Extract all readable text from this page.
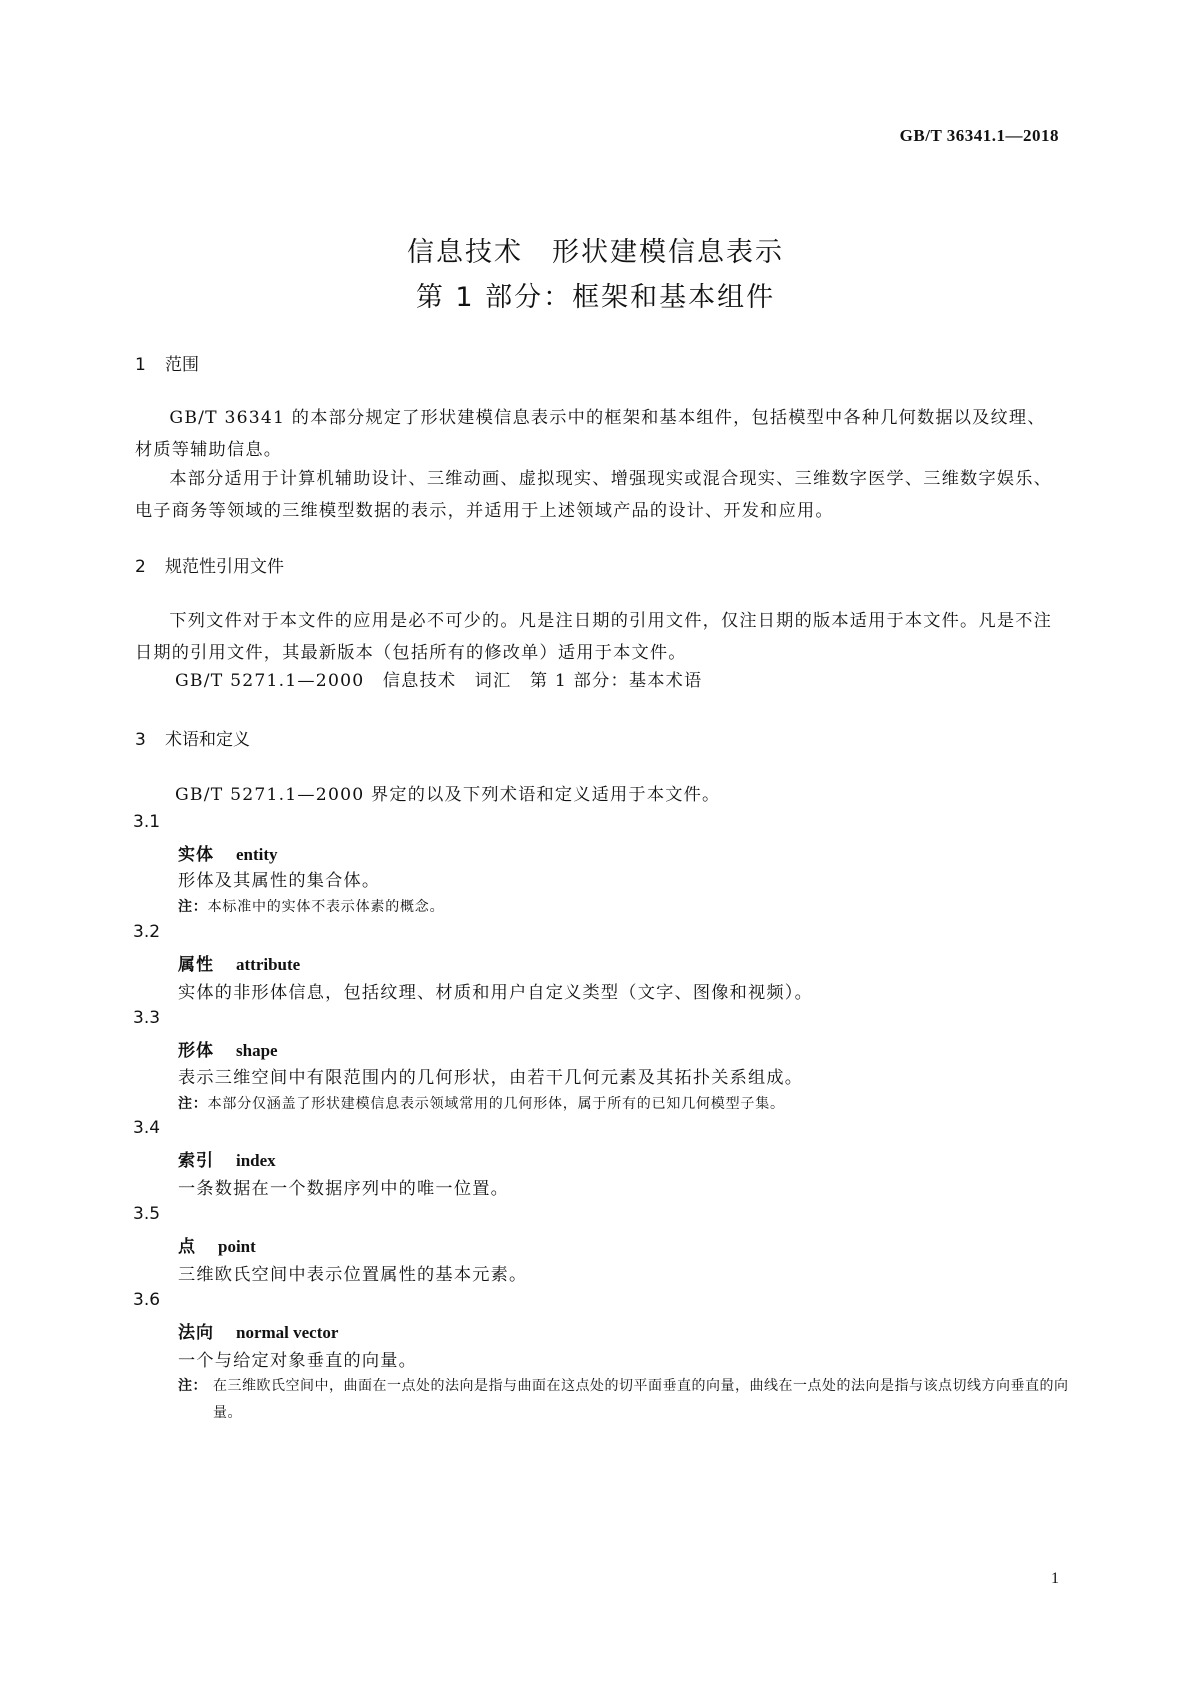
GB/T 36341.1—2018
信息技术　形状建模信息表示
第 1 部分：框架和基本组件
1 范围
GB/T 36341 的本部分规定了形状建模信息表示中的框架和基本组件，包括模型中各种几何数据以及纹理、材质等辅助信息。
本部分适用于计算机辅助设计、三维动画、虚拟现实、增强现实或混合现实、三维数字医学、三维数字娱乐、电子商务等领域的三维模型数据的表示，并适用于上述领域产品的设计、开发和应用。
2 规范性引用文件
下列文件对于本文件的应用是必不可少的。凡是注日期的引用文件，仅注日期的版本适用于本文件。凡是不注日期的引用文件，其最新版本（包括所有的修改单）适用于本文件。
GB/T 5271.1—2000　信息技术　词汇　第 1 部分：基本术语
3 术语和定义
GB/T 5271.1—2000 界定的以及下列术语和定义适用于本文件。
3.1
实体 entity
形体及其属性的集合体。
注：本标准中的实体不表示体素的概念。
3.2
属性 attribute
实体的非形体信息，包括纹理、材质和用户自定义类型（文字、图像和视频）。
3.3
形体 shape
表示三维空间中有限范围内的几何形状，由若干几何元素及其拓扑关系组成。
注：本部分仅涵盖了形状建模信息表示领域常用的几何形体，属于所有的已知几何模型子集。
3.4
索引 index
一条数据在一个数据序列中的唯一位置。
3.5
点 point
三维欧氏空间中表示位置属性的基本元素。
3.6
法向 normal vector
一个与给定对象垂直的向量。
注： 在三维欧氏空间中，曲面在一点处的法向是指与曲面在这点处的切平面垂直的向量，曲线在一点处的法向是指与该点切线方向垂直的向量。
1
